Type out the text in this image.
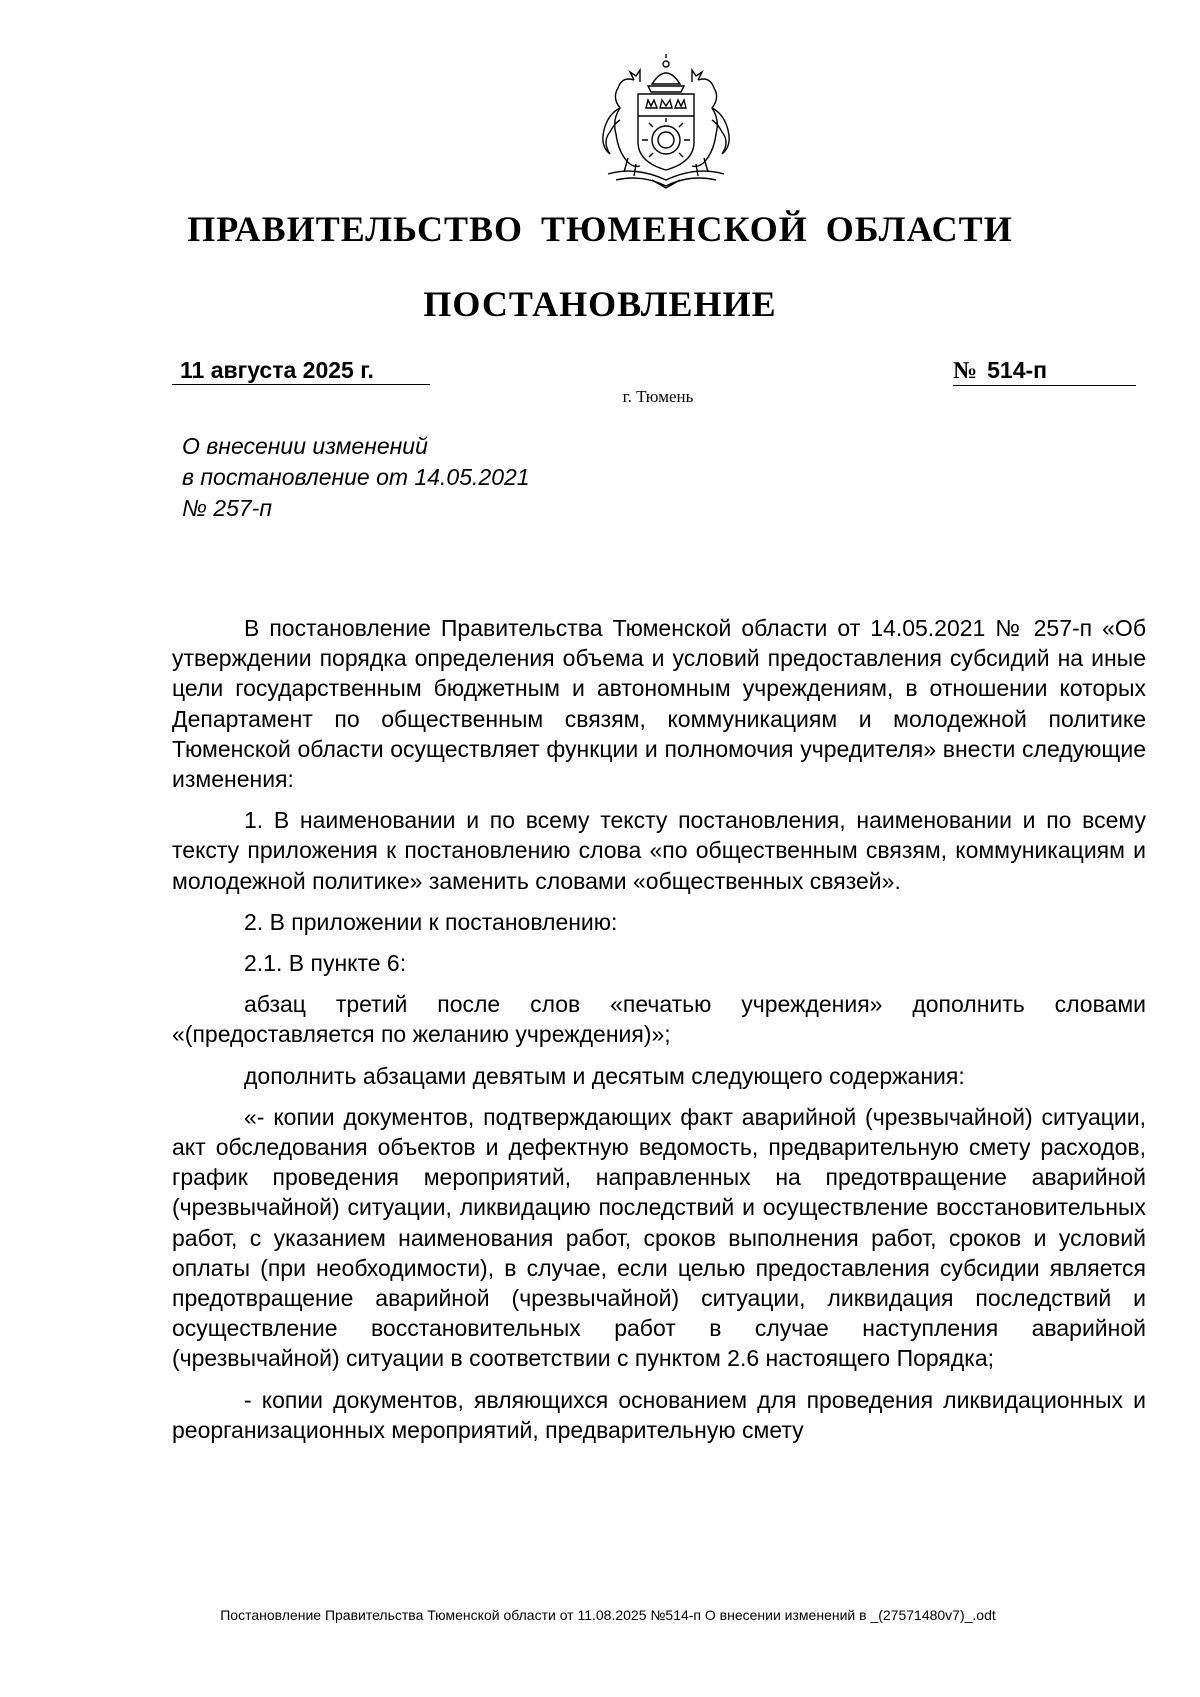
ПРАВИТЕЛЬСТВО ТЮМЕНСКОЙ ОБЛАСТИ
ПОСТАНОВЛЕНИЕ
11 августа 2025 г.	№ 514-п
г. Тюмень
О внесении изменений
в постановление от 14.05.2021
№ 257-п

В постановление Правительства Тюменской области от 14.05.2021 № 257-п «Об утверждении порядка определения объема и условий предоставления субсидий на иные цели государственным бюджетным и автономным учреждениям, в отношении которых Департамент по общественным связям, коммуникациям и молодежной политике Тюменской области осуществляет функции и полномочия учредителя» внести следующие изменения:

1. В наименовании и по всему тексту постановления, наименовании и по всему тексту приложения к постановлению слова «по общественным связям, коммуникациям и молодежной политике» заменить словами «общественных связей».

2. В приложении к постановлению:

2.1. В пункте 6:

абзац третий после слов «печатью учреждения» дополнить словами «(предоставляется по желанию учреждения)»;

дополнить абзацами девятым и десятым следующего содержания:

«- копии документов, подтверждающих факт аварийной (чрезвычайной) ситуации, акт обследования объектов и дефектную ведомость, предварительную смету расходов, график проведения мероприятий, направленных на предотвращение аварийной (чрезвычайной) ситуации, ликвидацию последствий и осуществление восстановительных работ, с указанием наименования работ, сроков выполнения работ, сроков и условий оплаты (при необходимости), в случае, если целью предоставления субсидии является предотвращение аварийной (чрезвычайной) ситуации, ликвидация последствий и осуществление восстановительных работ в случае наступления аварийной (чрезвычайной) ситуации в соответствии с пунктом 2.6 настоящего Порядка;

- копии документов, являющихся основанием для проведения ликвидационных и реорганизационных мероприятий, предварительную смету

Постановление Правительства Тюменской области от 11.08.2025 №514-п О внесении изменений в _(27571480v7)_.odt
